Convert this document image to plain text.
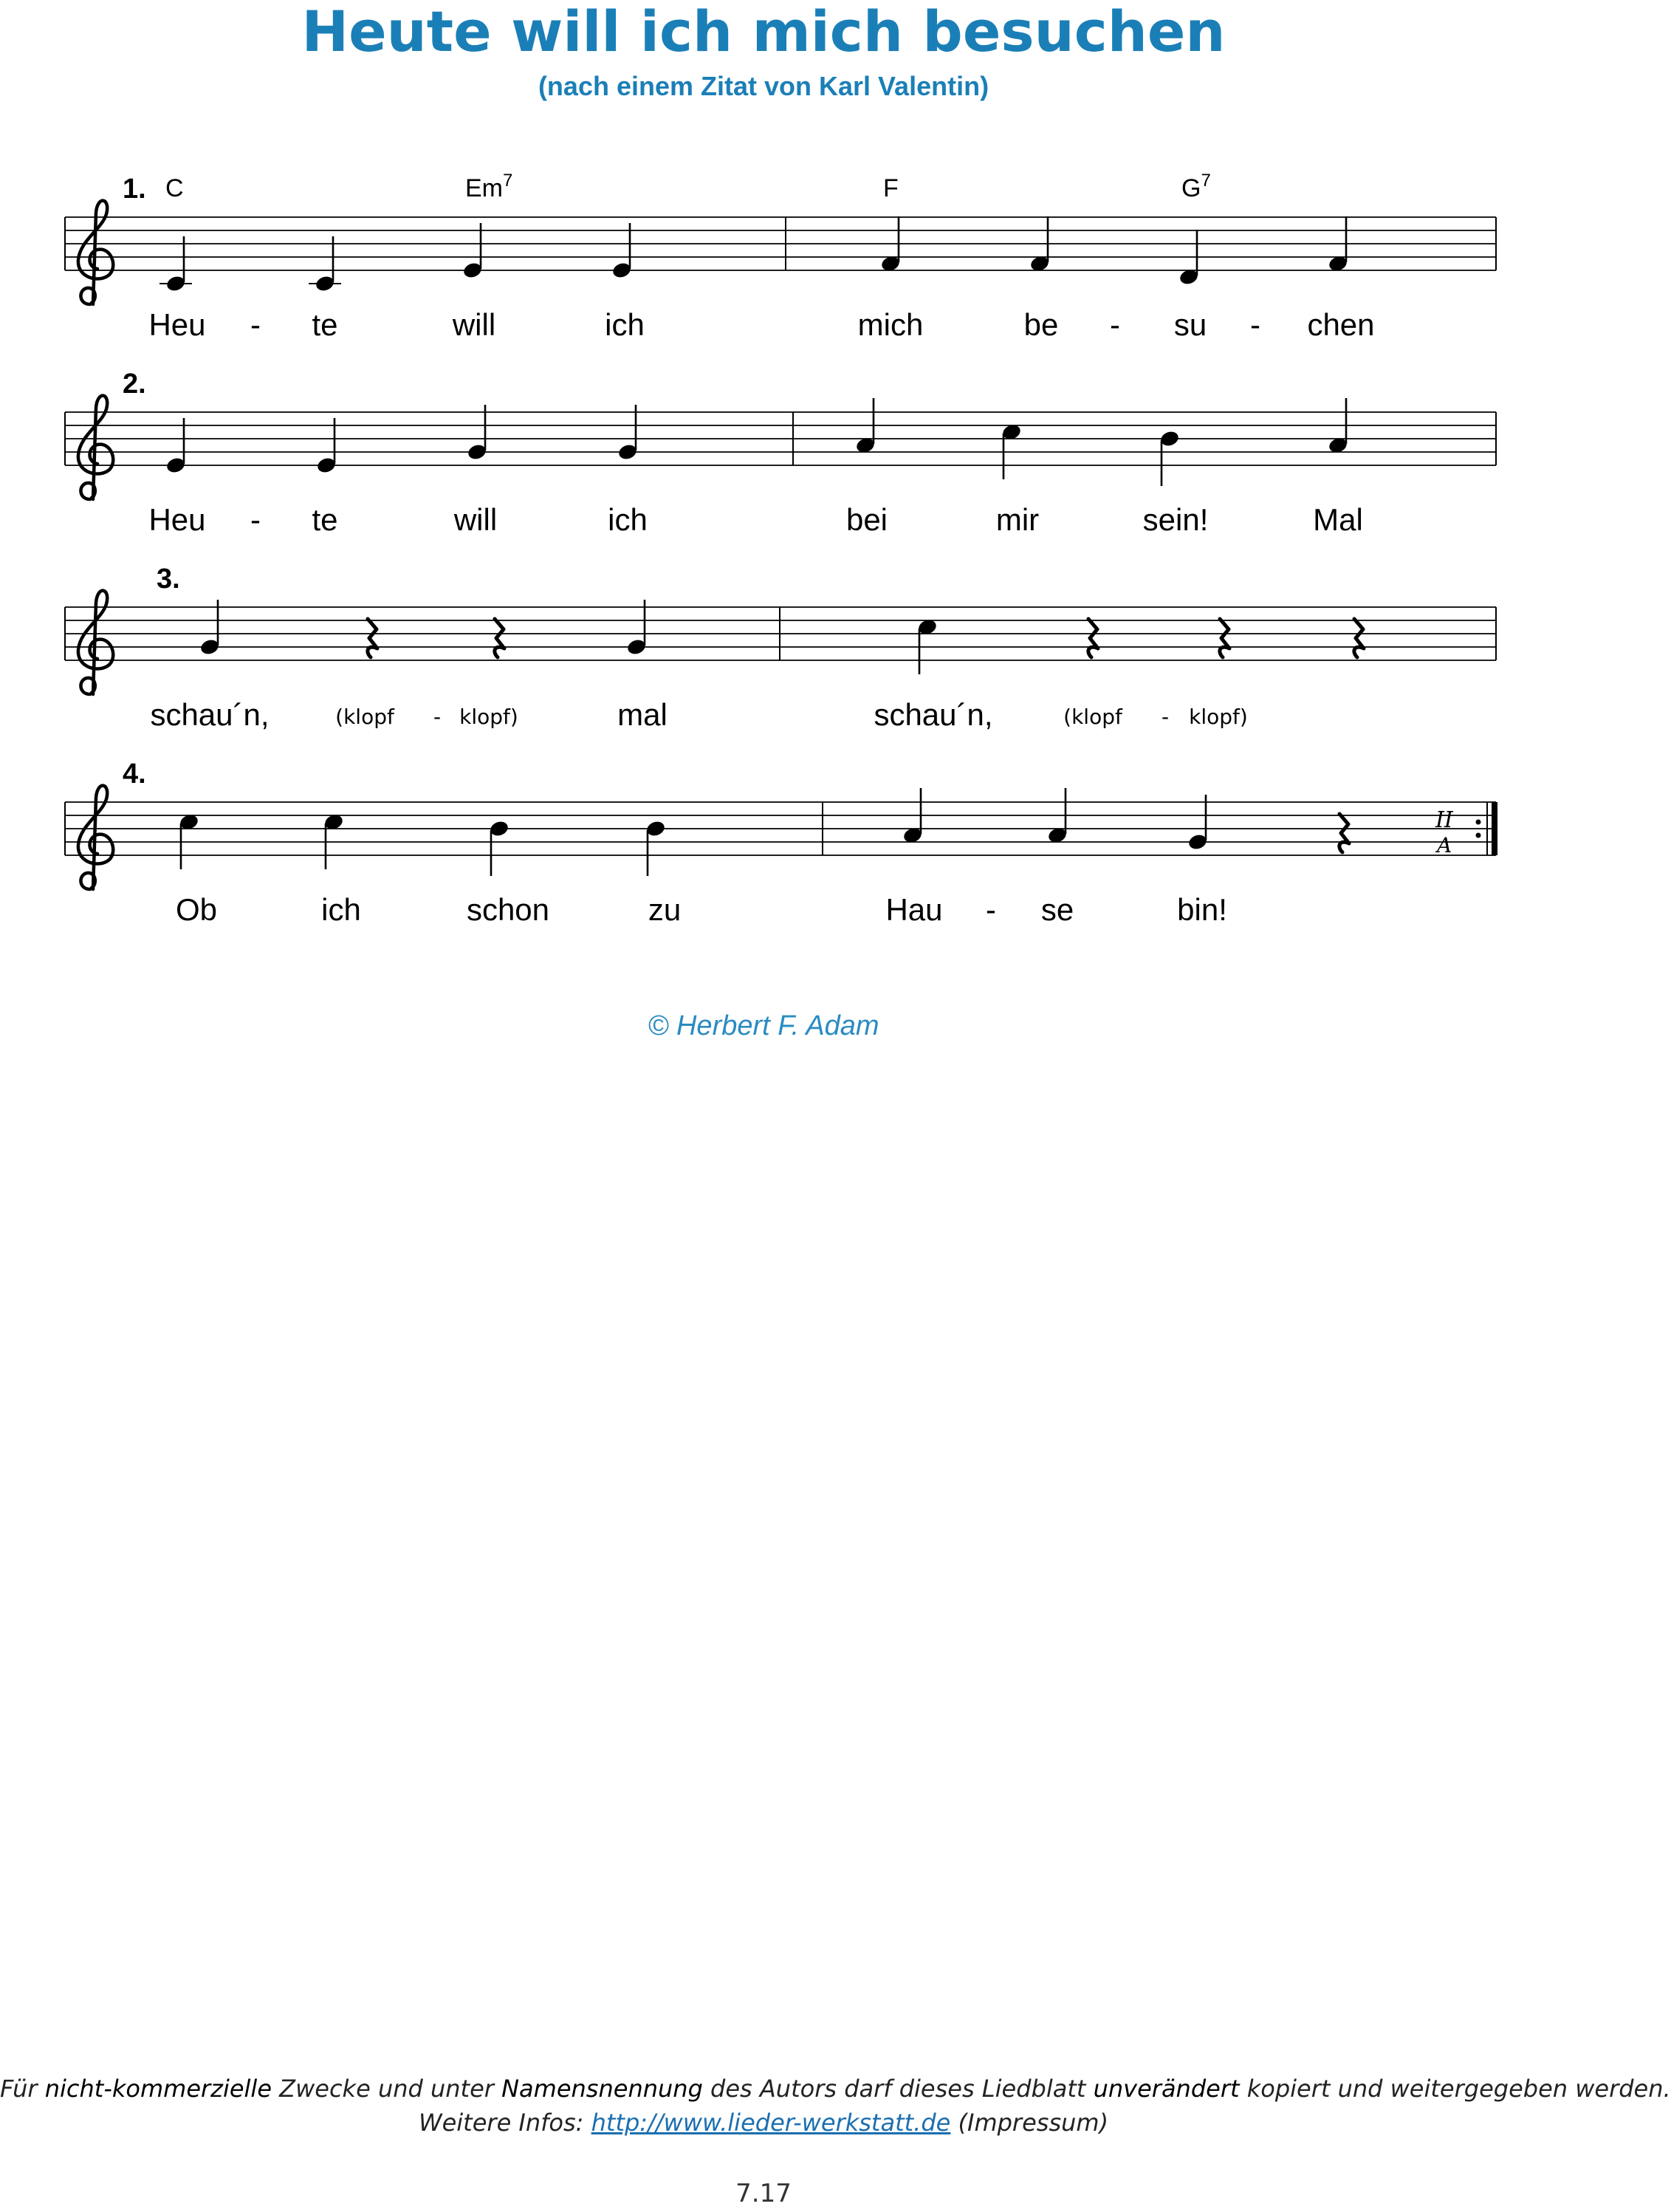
Heute will ich mich besuchen
(nach einem Zitat von Karl Valentin)
1. C	Em$^7$	F	$G^7$
Heu - te	will	ich	mich	be - su - chen
2.
Heu - te	will	ich	bei	mir	sein!	Mal
3.
schau´n,	(klopf - klopf)	mal	schau´n,	(klopf - klopf)
II
A
4.
Ob	ich	schon	zu	Hau - se	bin!
© Herbert F. Adam
Für nicht-kommerzielle Zwecke und unter Namensnennung des Autors darf dieses Liedblatt unverändert kopiert und weitergegeben werden.
Weitere Infos: http://www.lieder-werkstatt.de (Impressum)
7.17
